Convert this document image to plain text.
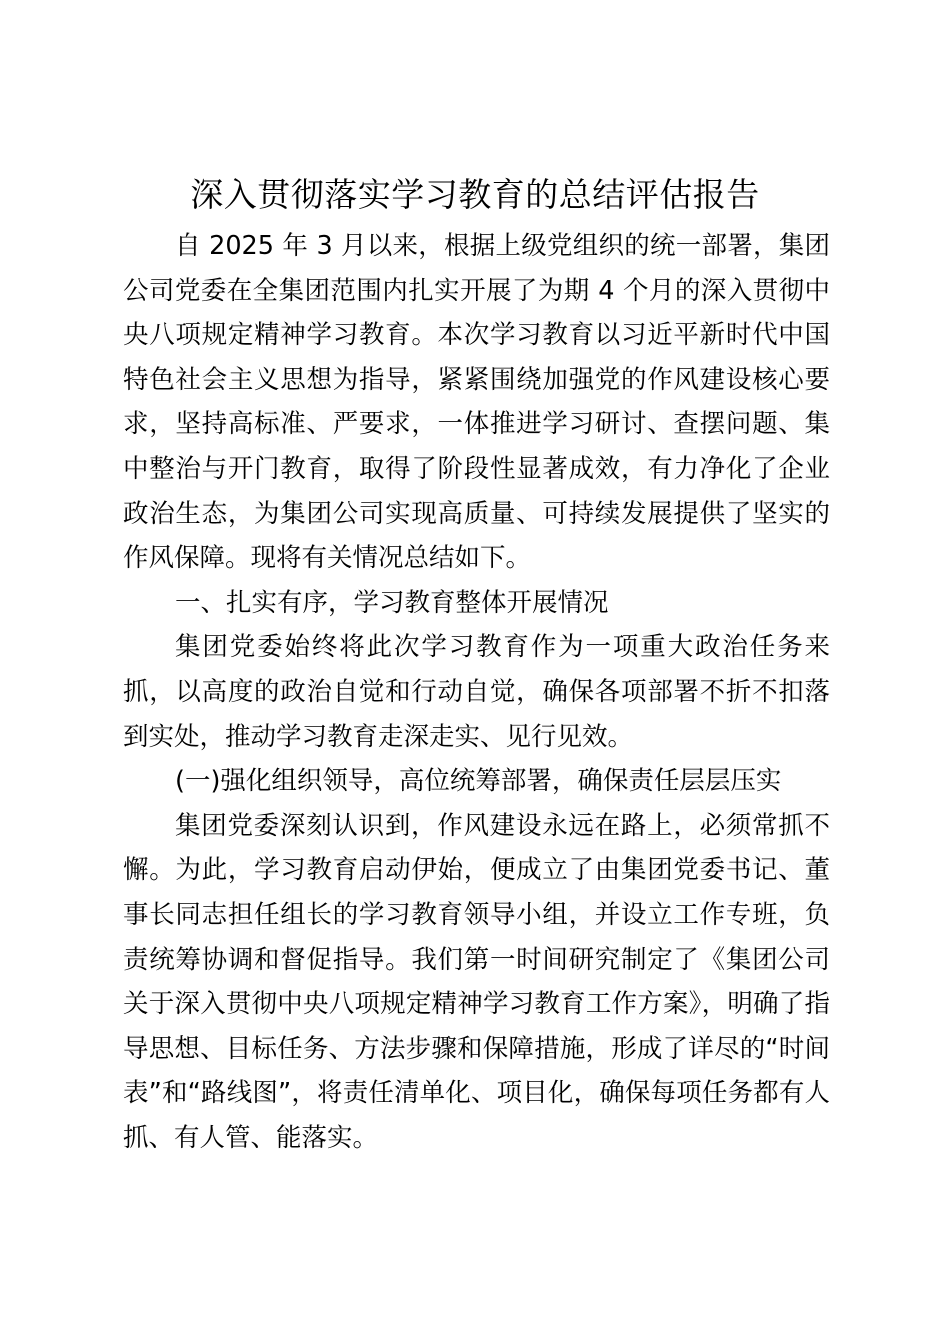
深入贯彻落实学习教育的总结评估报告
自 2025 年 3 月以来，根据上级党组织的统一部署，集团
公司党委在全集团范围内扎实开展了为期 4 个月的深入贯彻中
央八项规定精神学习教育。本次学习教育以习近平新时代中国
特色社会主义思想为指导，紧紧围绕加强党的作风建设核心要
求，坚持高标准、严要求，一体推进学习研讨、查摆问题、集
中整治与开门教育，取得了阶段性显著成效，有力净化了企业
政治生态，为集团公司实现高质量、可持续发展提供了坚实的
作风保障。现将有关情况总结如下。
一、扎实有序，学习教育整体开展情况
集团党委始终将此次学习教育作为一项重大政治任务来
抓，以高度的政治自觉和行动自觉，确保各项部署不折不扣落
到实处，推动学习教育走深走实、见行见效。
(一)强化组织领导，高位统筹部署，确保责任层层压实
集团党委深刻认识到，作风建设永远在路上，必须常抓不
懈。为此，学习教育启动伊始，便成立了由集团党委书记、董
事长同志担任组长的学习教育领导小组，并设立工作专班，负
责统筹协调和督促指导。我们第一时间研究制定了《集团公司
关于深入贯彻中央八项规定精神学习教育工作方案》，明确了指
导思想、目标任务、方法步骤和保障措施，形成了详尽的“时间
表”和“路线图”，将责任清单化、项目化，确保每项任务都有人
抓、有人管、能落实。
